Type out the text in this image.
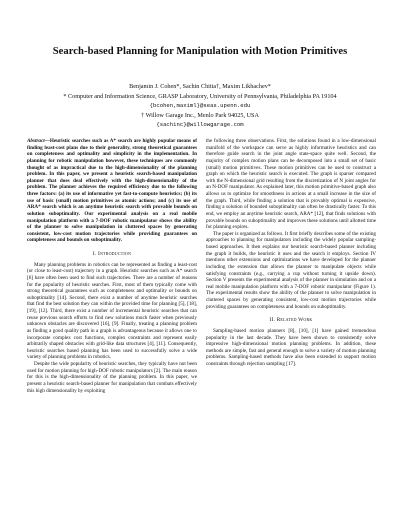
Search-based Planning for Manipulation with Motion Primitives
Benjamin J. Cohen*, Sachin Chitta†, Maxim Likhachev*
* Computer and Information Science, GRASP Laboratory, University of Pennsylvania, Philadelphia PA 19104
{bcohen,maximl}@seas.upenn.edu
† Willow Garage Inc., Menlo Park 94025, USA
{sachinc}@willowgarage.com
Abstract—Heuristic searches such as A* search are highly popular means of finding least-cost plans due to their generality, strong theoretical guarantees on completeness and optimality and simplicity in the implementation. In planning for robotic manipulation however, these techniques are commonly thought of as impractical due to the high-dimensionality of the planning problem. In this paper, we present a heuristic search-based manipulation planner that does deal effectively with the high-dimensionality of the problem. The planner achieves the required efficiency due to the following three factors: (a) its use of informative yet fast-to-compute heuristics; (b) its use of basic (small) motion primitives as atomic actions; and (c) its use of ARA* search which is an anytime heuristic search with provable bounds on solution suboptimality. Our experimental analysis on a real mobile manipulation platform with a 7-DOF robotic manipulator shows the ability of the planner to solve manipulation in cluttered spaces by generating consistent, low-cost motion trajectories while providing guarantees on completeness and bounds on suboptimality.
I. Introduction

Many planning problems in robotics can be represented as finding a least-cost (or close to least-cost) trajectory in a graph. Heuristic searches such as A* search [6] have often been used to find such trajectories. There are a number of reasons for the popularity of heuristic searches. First, most of them typically come with strong theoretical guarantees such as completeness and optimality or bounds on suboptimality [14]. Second, there exist a number of anytime heuristic searches that find the best solution they can within the provided time for planning [5], [18], [19], [12]. Third, there exist a number of incremental heuristic searches that can reuse previous search efforts to find new solutions much faster when previously unknown obstacles are discovered [16], [9]. Finally, treating a planning problem as finding a good quality path in a graph is advantageous because it allows one to incorporate complex cost functions, complex constraints and represent easily arbitrarily shaped obstacles with grid-like data structures [4], [11]. Consequently, heuristic searches based planning has been used to successfully solve a wide variety of planning problems in robotics.

Despite the wide popularity of heuristic searches, they typically have not been used for motion planning for high-DOF robotic manipulators [2]. The main reason for this is the high-dimensionality of the planning problem. In this paper, we present a heuristic search-based planner for manipulation that combats effectively this high dimensionality by exploiting

the following three observations. First, the solutions found in a low-dimensional manifold of the workspace can serve as highly informative heuristics and can therefore guide search in the joint angle state-space quite well. Second, the majority of complex motion plans can be decomposed into a small set of basic (small) motion primitives. These motion primitives can be used to construct a graph on which the heuristic search is executed. The graph is sparser compared with the N-dimensional grid resulting from the discretization of N joint angles for an N-DOF manipulator. As explained later, this motion primitive-based graph also allows us to optimize for smoothness in actions at a small increase in the size of the graph. Third, while finding a solution that is provably optimal is expensive, finding a solution of bounded suboptimality can often be drastically faster. To this end, we employ an anytime heuristic search, ARA* [12], that finds solutions with provable bounds on suboptimality and improves these solutions until allotted time for planning expires.

The paper is organized as follows. It first briefly describes some of the existing approaches to planning for manipulators including the widely popular sampling-based approaches. It then explains our heuristic search-based planner including the graph it builds, the heuristic it uses and the search it employs. Section IV mentions other extensions and optimizations we have developed for the planner including the extension that allows the planner to manipulate objects while satisfying constraints (e.g., carrying a cup without turning it upside down). Section V presents the experimental analysis of the planner in simulation and on a real mobile manipulation platform with a 7-DOF robotic manipulator (Figure 1). The experimental results show the ability of the planner to solve manipulation in cluttered spaces by generating consistent, low-cost motion trajectories while providing guarantees on completeness and bounds on suboptimality.

II. Related Work

Sampling-based motion planners [8], [10], [1] have gained tremendous popularity in the last decade. They have been shown to consistently solve impressive high-dimensional motion planning problems. In addition, these methods are simple, fast and general enough to solve a variety of motion planning problems. Sampling-based methods have also been extended to support motion constraints through rejection sampling [17].
